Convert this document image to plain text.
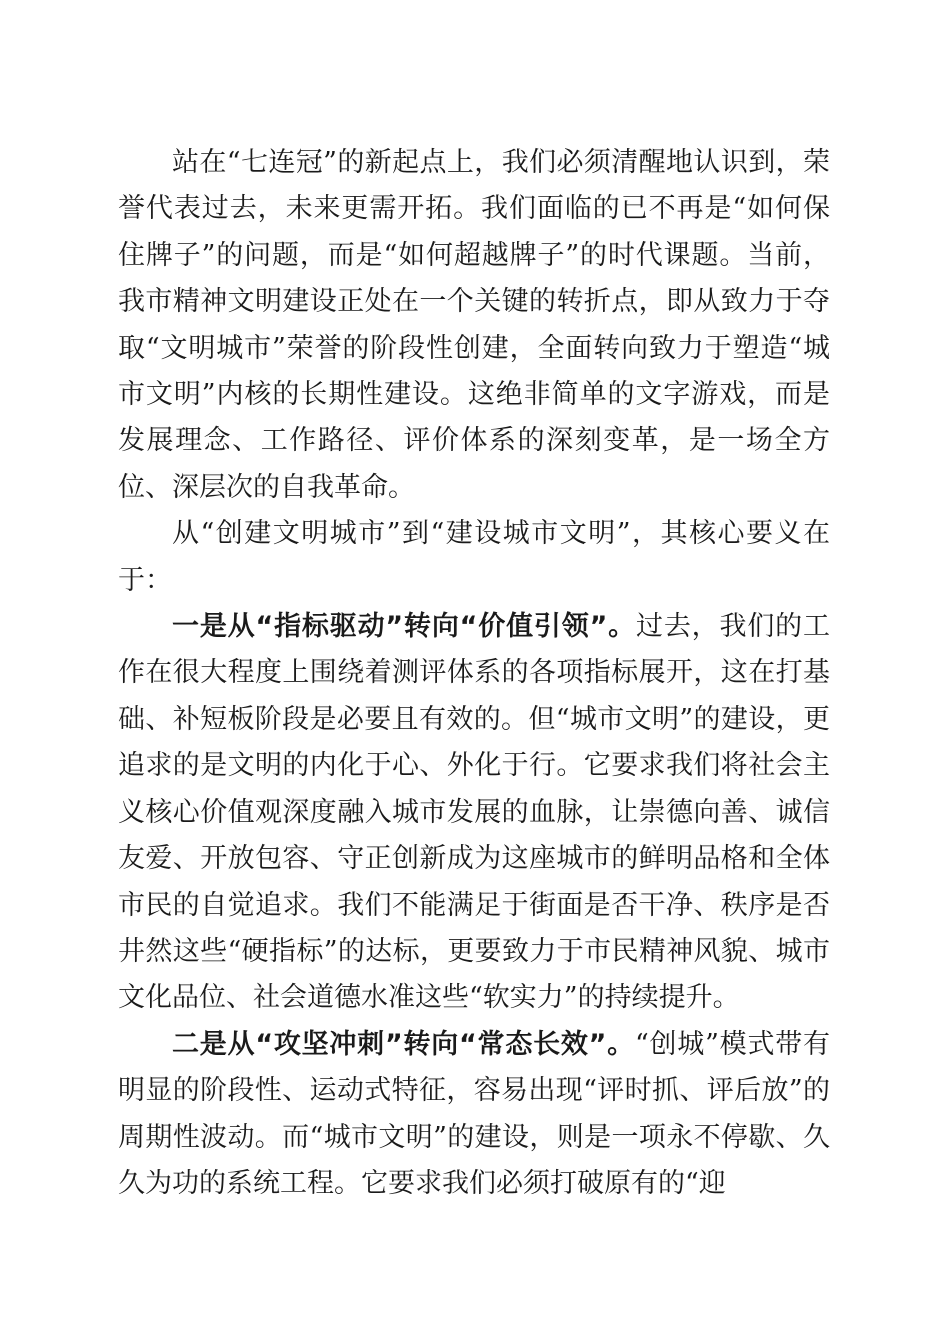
站在“七连冠”的新起点上，我们必须清醒地认识到，荣誉代表过去，未来更需开拓。我们面临的已不再是“如何保住牌子”的问题，而是“如何超越牌子”的时代课题。当前，我市精神文明建设正处在一个关键的转折点，即从致力于夺取“文明城市”荣誉的阶段性创建，全面转向致力于塑造“城市文明”内核的长期性建设。这绝非简单的文字游戏，而是发展理念、工作路径、评价体系的深刻变革，是一场全方位、深层次的自我革命。

从“创建文明城市”到“建设城市文明”，其核心要义在于：

一是从“指标驱动”转向“价值引领”。过去，我们的工作在很大程度上围绕着测评体系的各项指标展开，这在打基础、补短板阶段是必要且有效的。但“城市文明”的建设，更追求的是文明的内化于心、外化于行。它要求我们将社会主义核心价值观深度融入城市发展的血脉，让崇德向善、诚信友爱、开放包容、守正创新成为这座城市的鲜明品格和全体市民的自觉追求。我们不能满足于街面是否干净、秩序是否井然这些“硬指标”的达标，更要致力于市民精神风貌、城市文化品位、社会道德水准这些“软实力”的持续提升。

二是从“攻坚冲刺”转向“常态长效”。“创城”模式带有明显的阶段性、运动式特征，容易出现“评时抓、评后放”的周期性波动。而“城市文明”的建设，则是一项永不停歇、久久为功的系统工程。它要求我们必须打破原有的“迎
